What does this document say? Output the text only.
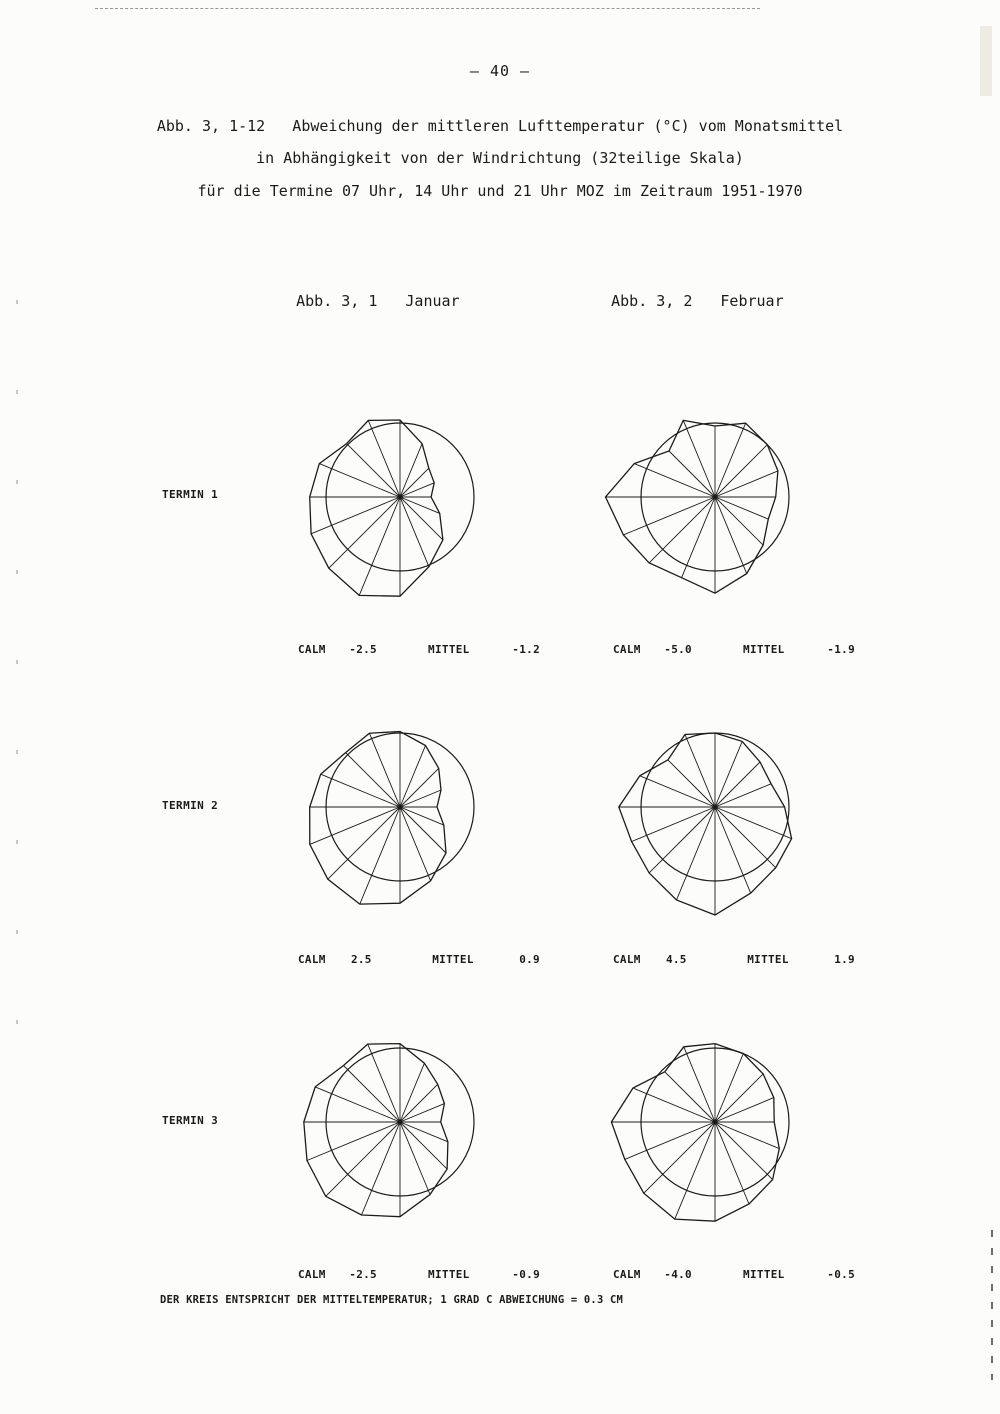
— 40 —
Abb. 3, 1-12   Abweichung der mittleren Lufttemperatur (°C) vom Monatsmittel
in Abhängigkeit von der Windrichtung (32teilige Skala)
für die Termine 07 Uhr, 14 Uhr und 21 Uhr MOZ im Zeitraum 1951-1970

Abb. 3, 1 Januar
	Abb. 3, 2 Februar

TERMIN 1
TERMIN 2
TERMIN 3
CALM	-2.5	MITTEL	-1.2	CALM	-5.0	MITTEL	-1.9
CALM	2.5	MITTEL	0.9	CALM	4.5	MITTEL	1.9
CALM	-2.5	MITTEL	-0.9	CALM	-4.0	MITTEL	-0.5
DER KREIS ENTSPRICHT DER MITTELTEMPERATUR; 1 GRAD C ABWEICHUNG = 0.3 CM
